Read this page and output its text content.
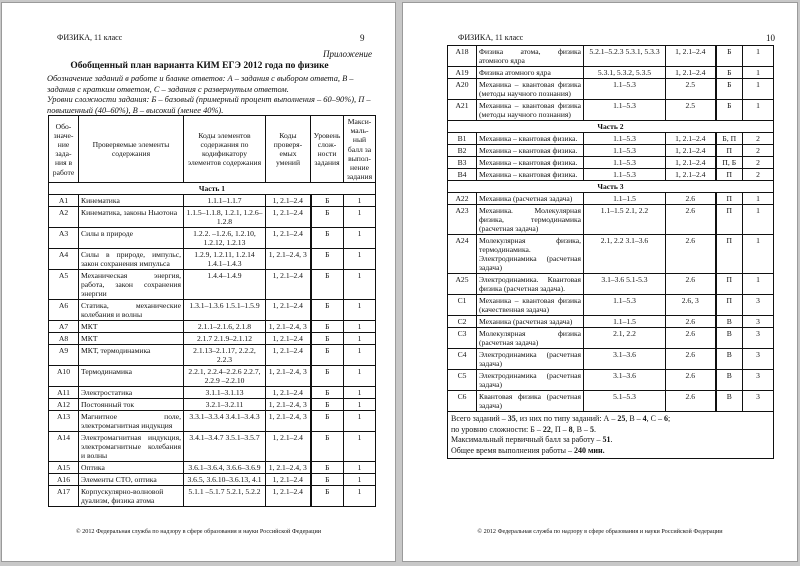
ФИЗИКА, 11 класс	9
Приложение
Обобщенный план варианта КИМ ЕГЭ 2012 года по физике
Обозначение заданий в работе и бланке ответов: А – задания с выбором ответа, В – задания с кратким ответом, С – задания с развернутым ответом.
Уровни сложности задания: Б – базовый (примерный процент выполнения – 60–90%), П – повышенный (40–60%), В – высокий (менее 40%).
Обо-значе-ние зада-ния в работе	Проверяемые элементы содержания	Коды элементов содержания по кодификатору элементов содержания	Коды проверя-емых умений	Уровень слож-ности задания	Макси-маль-ный балл за выпол-нение задания
Часть 1					
A1	Кинематика	1.1.1–1.1.7	1, 2.1–2.4	Б	1
A2	Кинематика, законы Ньютона	1.1.5–1.1.8, 1.2.1, 1.2.6–1.2.8	1, 2.1–2.4	Б	1
A3	Силы в природе	1.2.2. –1.2.6, 1.2.10, 1.2.12, 1.2.13	1, 2.1–2.4	Б	1
A4	Силы в природе, импульс, закон сохранения импульса	1.2.9, 1.2.11, 1.2.14 1.4.1–1.4.3	1, 2.1–2.4, 3	Б	1
A5	Механическая энергия, работа, закон сохранения энергии	1.4.4–1.4.9	1, 2.1–2.4	Б	1
A6	Статика, механические колебания и волны	1.3.1–1.3.6 1.5.1–1.5.9	1, 2.1–2.4	Б	1
A7	МКТ	2.1.1–2.1.6, 2.1.8	1, 2.1–2.4, 3	Б	1
A8	МКТ	2.1.7 2.1.9–2.1.12	1, 2.1–2.4	Б	1
A9	МКТ, термодинамика	2.1.13–2.1.17, 2.2.2, 2.2.3	1, 2.1–2.4	Б	1
A10	Термодинамика	2.2.1, 2.2.4–2.2.6 2.2.7, 2.2.9 –2.2.10	1, 2.1–2.4, 3	Б	1
A11	Электростатика	3.1.1–3.1.13	1, 2.1–2.4	Б	1
A12	Постоянный ток	3.2.1–3.2.11	1, 2.1–2.4, 3	Б	1
A13	Магнитное поле, электромагнитная индукция	3.3.1–3.3.4 3.4.1–3.4.3	1, 2.1–2.4, 3	Б	1
A14	Электромагнитная индукция, электромагнитные колебания и волны	3.4.1–3.4.7 3.5.1–3.5.7	1, 2.1–2.4	Б	1
A15	Оптика	3.6.1–3.6.4, 3.6.6–3.6.9	1, 2.1–2.4, 3	Б	1
A16	Элементы СТО, оптика	3.6.5, 3.6.10–3.6.13, 4.1	1, 2.1–2.4	Б	1
A17	Корпускулярно-волновой дуализм, физика атома	5.1.1 –5.1.7 5.2.1, 5.2.2	1, 2.1–2.4	Б	1
© 2012 Федеральная служба по надзору в сфере образования и науки Российской Федерации
ФИЗИКА, 11 класс	10
A18	Физика атома, физика атомного ядра	5.2.1–5.2.3 5.3.1, 5.3.3	1, 2.1–2.4	Б	1
A19	Физика атомного ядра	5.3.1, 5.3.2, 5.3.5	1, 2.1–2.4	Б	1
A20	Механика – квантовая физика (методы научного познания)	1.1–5.3	2.5	Б	1
A21	Механика – квантовая физика (методы научного познания)	1.1–5.3	2.5	Б	1
Часть 2					
B1	Механика – квантовая физика.	1.1–5.3	1, 2.1–2.4	Б, П	2
B2	Механика – квантовая физика.	1.1–5.3	1, 2.1–2.4	П	2
B3	Механика – квантовая физика.	1.1–5.3	1, 2.1–2.4	П, Б	2
B4	Механика – квантовая физика.	1.1–5.3	1, 2.1–2.4	П	2
Часть 3					
A22	Механика (расчетная задача)	1.1–1.5	2.6	П	1
A23	Механика. Молекулярная физика, термодинамика (расчетная задача)	1.1–1.5 2.1, 2.2	2.6	П	1
A24	Молекулярная физика, термодинамика. Электродинамика (расчетная задача)	2.1, 2.2 3.1–3.6	2.6	П	1
A25	Электродинамика. Квантовая физика (расчетная задача).	3.1–3.6 5.1-5.3	2.6	П	1
C1	Механика – квантовая физика (качественная задача)	1.1–5.3	2.6, 3	П	3
C2	Механика (расчетная задача)	1.1–1.5	2.6	В	3
C3	Молекулярная физика (расчетная задача)	2.1, 2.2	2.6	В	3
C4	Электродинамика (расчетная задача)	3.1–3.6	2.6	В	3
C5	Электродинамика (расчетная задача)	3.1–3.6	2.6	В	3
C6	Квантовая физика (расчетная задача)	5.1–5.3	2.6	В	3
Всего заданий – 35, из них по типу заданий: А – 25, В – 4, С – 6;
по уровню сложности: Б – 22, П – 8, В – 5.
Максимальный первичный балл за работу – 51.
Общее время выполнения работы – 240 мин.					
© 2012 Федеральная служба по надзору в сфере образования и науки Российской Федерации
